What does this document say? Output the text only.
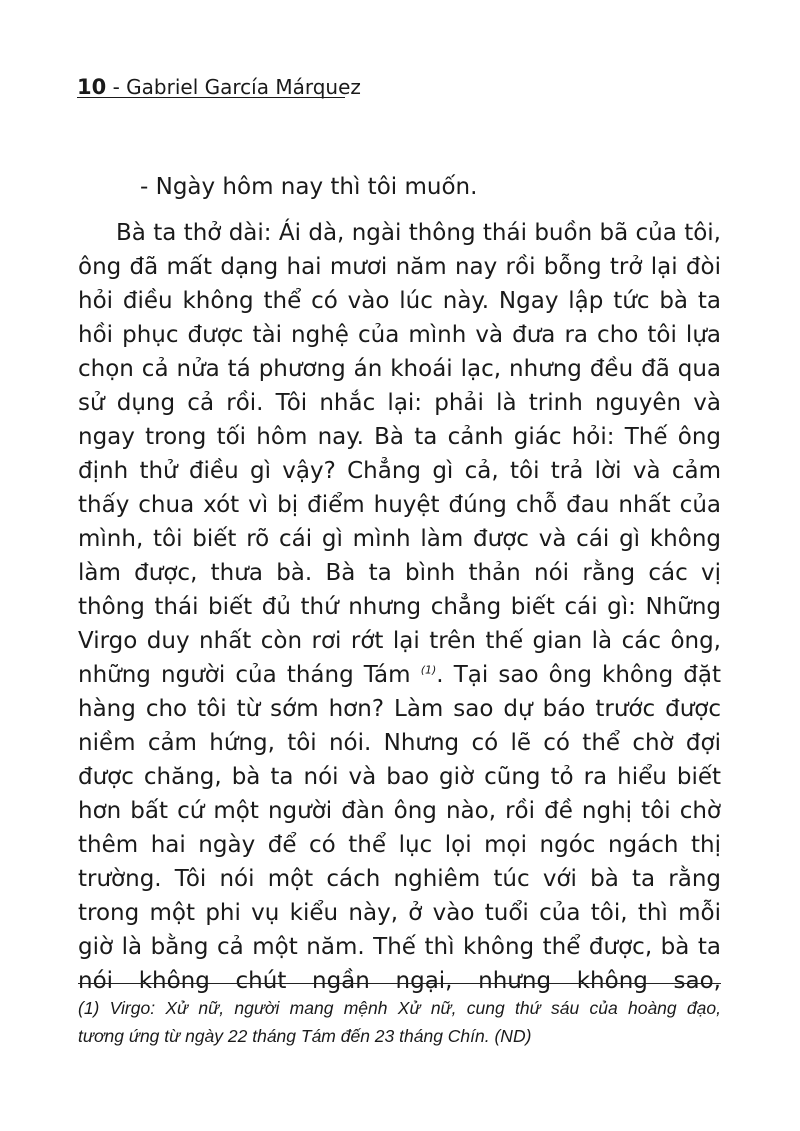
10 - Gabriel García Márquez

- Ngày hôm nay thì tôi muốn.

Bà ta thở dài: Ái dà, ngài thông thái buồn bã của tôi, ông đã mất dạng hai mươi năm nay rồi bỗng trở lại đòi hỏi điều không thể có vào lúc này. Ngay lập tức bà ta hồi phục được tài nghệ của mình và đưa ra cho tôi lựa chọn cả nửa tá phương án khoái lạc, nhưng đều đã qua sử dụng cả rồi. Tôi nhắc lại: phải là trinh nguyên và ngay trong tối hôm nay. Bà ta cảnh giác hỏi: Thế ông định thử điều gì vậy? Chẳng gì cả, tôi trả lời và cảm thấy chua xót vì bị điểm huyệt đúng chỗ đau nhất của mình, tôi biết rõ cái gì mình làm được và cái gì không làm được, thưa bà. Bà ta bình thản nói rằng các vị thông thái biết đủ thứ nhưng chẳng biết cái gì: Những Virgo duy nhất còn rơi rớt lại trên thế gian là các ông, những người của tháng Tám $^{(1)}$. Tại sao ông không đặt hàng cho tôi từ sớm hơn? Làm sao dự báo trước được niềm cảm hứng, tôi nói. Nhưng có lẽ có thể chờ đợi được chăng, bà ta nói và bao giờ cũng tỏ ra hiểu biết hơn bất cứ một người đàn ông nào, rồi đề nghị tôi chờ thêm hai ngày để có thể lục lọi mọi ngóc ngách thị trường. Tôi nói một cách nghiêm túc với bà ta rằng trong một phi vụ kiểu này, ở vào tuổi của tôi, thì mỗi giờ là bằng cả một năm. Thế thì không thể được, bà ta nói không chút ngần ngại, nhưng không sao,

(1) Virgo: Xử nữ, người mang mệnh Xử nữ, cung thứ sáu của hoàng đạo,
tương ứng từ ngày 22 tháng Tám đến 23 tháng Chín. (ND)
